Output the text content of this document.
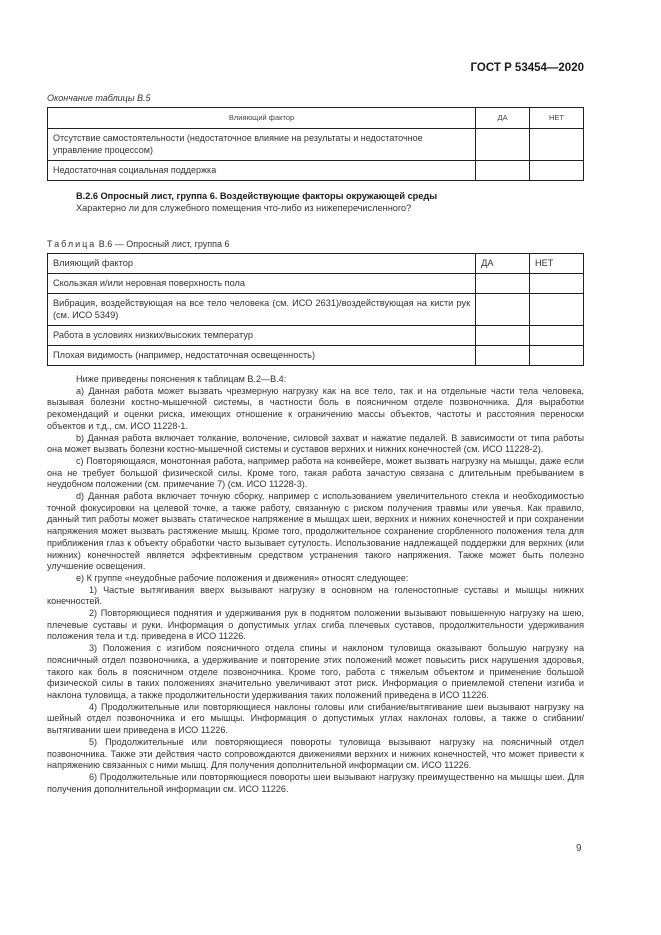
ГОСТ Р 53454—2020
Окончание таблицы В.5
Влияющий фактор	ДА	НЕТ
Отсутствие самостоятельности (недостаточное влияние на результаты и недостаточное управление процессом)		
Недостаточная социальная поддержка		
В.2.6 Опросный лист, группа 6. Воздействующие факторы окружающей среды
Характерно ли для служебного помещения что-либо из нижеперечисленного?
Таблица В.6 — Опросный лист, группа 6
Влияющий фактор	ДА	НЕТ
Скользкая и/или неровная поверхность пола		
Вибрация, воздействующая на все тело человека (см. ИСО 2631)/воздействующая на кисти рук (см. ИСО 5349)		
Работа в условиях низких/высоких температур		
Плохая видимость (например, недостаточная освещенность)		

Ниже приведены пояснения к таблицам В.2—В.4:

a) Данная работа может вызвать чрезмерную нагрузку как на все тело, так и на отдельные части тела человека, вызывая болезни костно-мышечной системы, в частности боль в поясничном отделе позвоночника. Для выработки рекомендаций и оценки риска, имеющих отношение к ограничению массы объектов, частоты и расстояния переноски объектов и т.д., см. ИСО 11228-1.

b) Данная работа включает толкание, волочение, силовой захват и нажатие педалей. В зависимости от типа работы она может вызвать болезни костно-мышечной системы и суставов верхних и нижних конечностей (см. ИСО 11228-2).

c) Повторяющаяся, монотонная работа, например работа на конвейере, может вызвать нагрузку на мышцы, даже если она не требует большой физической силы. Кроме того, такая работа зачастую связана с длительным пребыванием в неудобном положении (см. примечание 7) (см. ИСО 11228-3).

d) Данная работа включает точную сборку, например с использованием увеличительного стекла и необходимостью точной фокусировки на целевой точке, а также работу, связанную с риском получения травмы или увечья. Как правило, данный тип работы может вызвать статическое напряжение в мышцах шеи, верхних и нижних конечностей и при сохранении напряжения может вызвать растяжение мышц. Кроме того, продолжительное сохранение сгорбленного положения тела для приближения глаз к объекту обработки часто вызывает сутулость. Использование надлежащей поддержки для верхних (или нижних) конечностей является эффективным средством устранения такого напряжения. Также может быть полезно улучшение освещения.

e) К группе «неудобные рабочие положения и движения» относят следующее:

1) Частые вытягивания вверх вызывают нагрузку в основном на голеностопные суставы и мышцы нижних конечностей.

2) Повторяющиеся поднятия и удерживания рук в поднятом положении вызывают повышенную нагрузку на шею, плечевые суставы и руки. Информация о допустимых углах сгиба плечевых суставов, продолжительности удерживания положения тела и т.д. приведена в ИСО 11226.

3) Положения с изгибом поясничного отдела спины и наклоном туловища оказывают большую нагрузку на поясничный отдел позвоночника, а удерживание и повторение этих положений может повысить риск нарушения здоровья, такого как боль в поясничном отделе позвоночника. Кроме того, работа с тяжелым объектом и применение большой физической силы в таких положениях значительно увеличивают этот риск. Информация о приемлемой степени изгиба и наклона туловища, а также продолжительности удерживания таких положений приведена в ИСО 11226.

4) Продолжительные или повторяющиеся наклоны головы или сгибание/вытягивание шеи вызывают нагрузку на шейный отдел позвоночника и его мышцы. Информация о допустимых углах наклонах головы, а также о сгибании/вытягивании шеи приведена в ИСО 11226.

5) Продолжительные или повторяющиеся повороты туловища вызывают нагрузку на поясничный отдел позвоночника. Также эти действия часто сопровождаются движениями верхних и нижних конечностей, что может привести к напряжению связанных с ними мышц. Для получения дополнительной информации см. ИСО 11226.

6) Продолжительные или повторяющиеся повороты шеи вызывают нагрузку преимущественно на мышцы шеи. Для получения дополнительной информации см. ИСО 11226.

9
